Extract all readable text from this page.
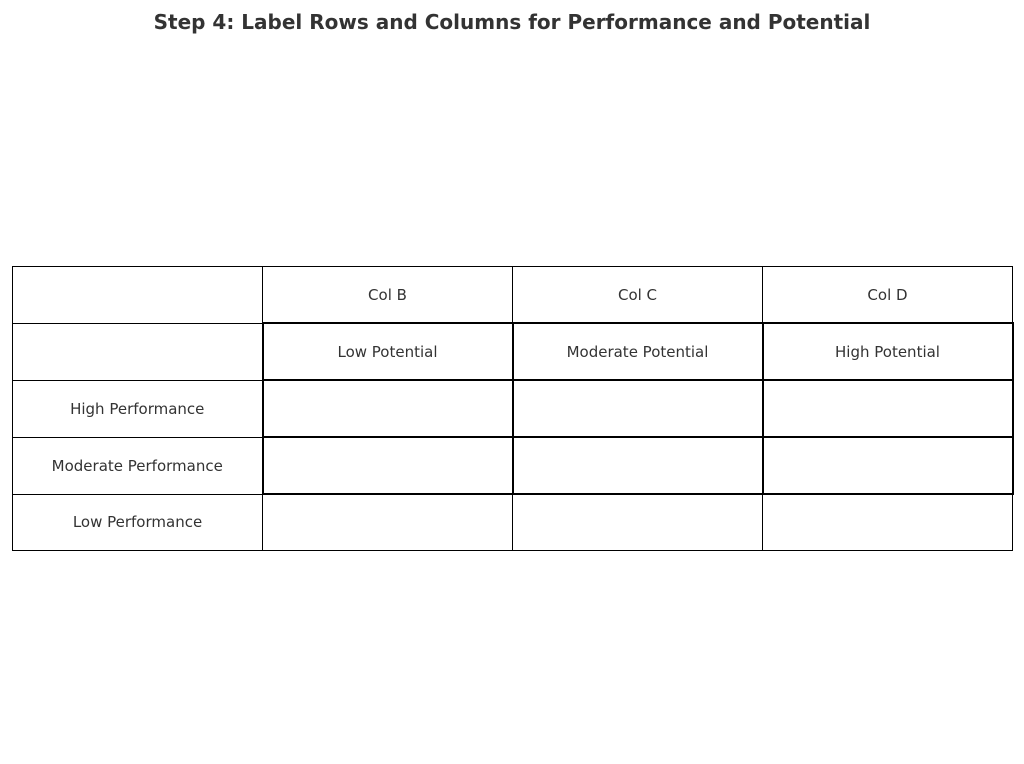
Step 4: Label Rows and Columns for Performance and Potential
	Col B	Col C	Col D
	Low Potential	Moderate Potential	High Potential
High Performance			
Moderate Performance			
Low Performance			
